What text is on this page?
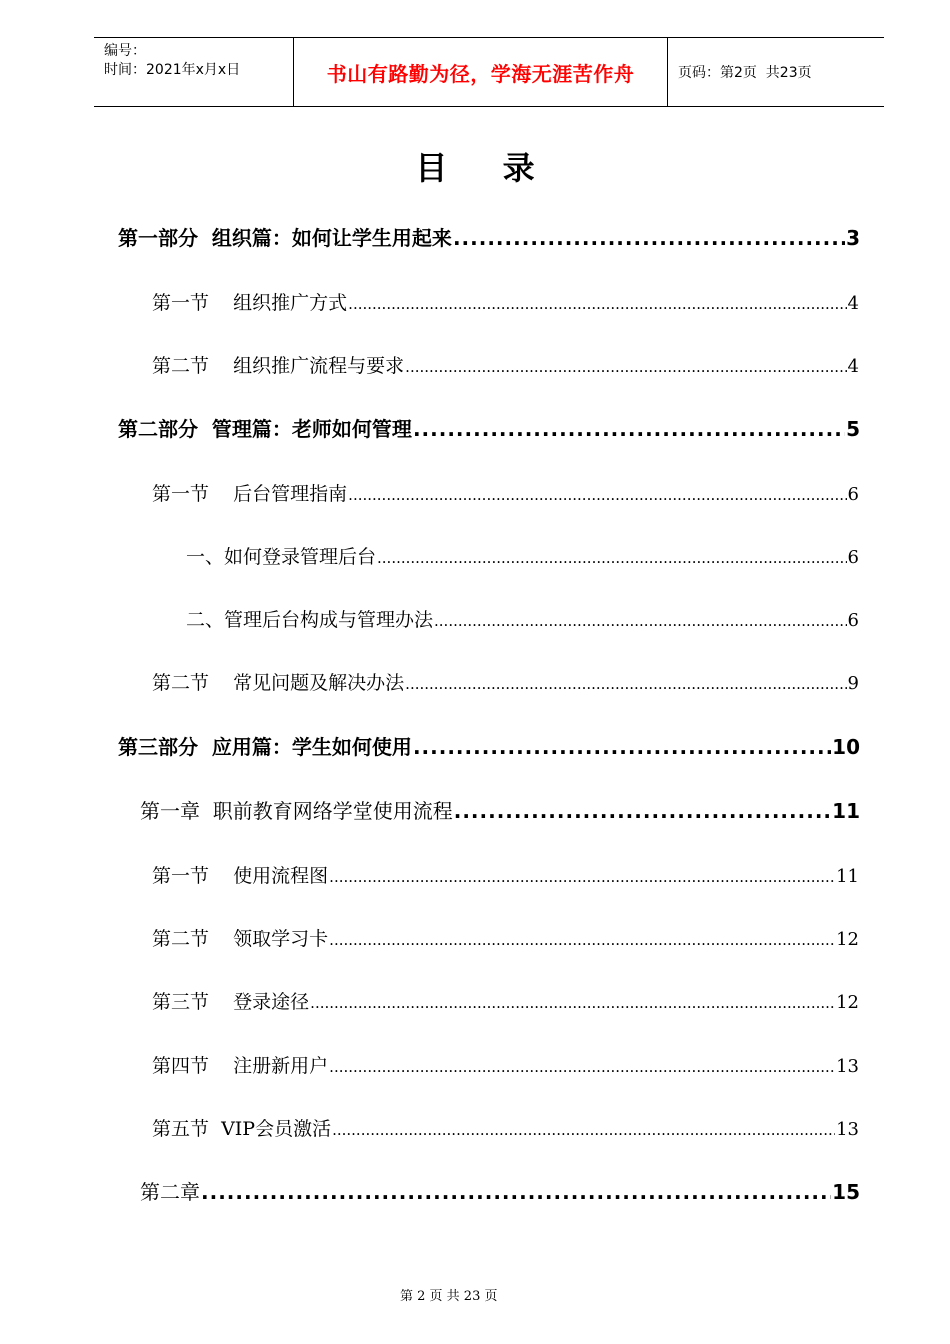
编号：
时间：2021年x月x日	书山有路勤为径，学海无涯苦作舟	页码：第2页  共23页
目 录
第一部分  组织篇：如何让学生用起来 .....	3
第一节    组织推广方式 .....	4
第二节    组织推广流程与要求 .....	4
第二部分  管理篇：老师如何管理 .....	5
第一节    后台管理指南 .....	6
一、如何登录管理后台 .....	6
二、管理后台构成与管理办法 .....	6
第二节    常见问题及解决办法 .....	9
第三部分  应用篇：学生如何使用 .....	10
第一章  职前教育网络学堂使用流程 .....	11
第一节    使用流程图 .....	11
第二节    领取学习卡 .....	12
第三节    登录途径 .....	12
第四节    注册新用户 .....	13
第五节  VIP会员激活 .....	13
第二章 .....	15
第 2 页 共 23 页
